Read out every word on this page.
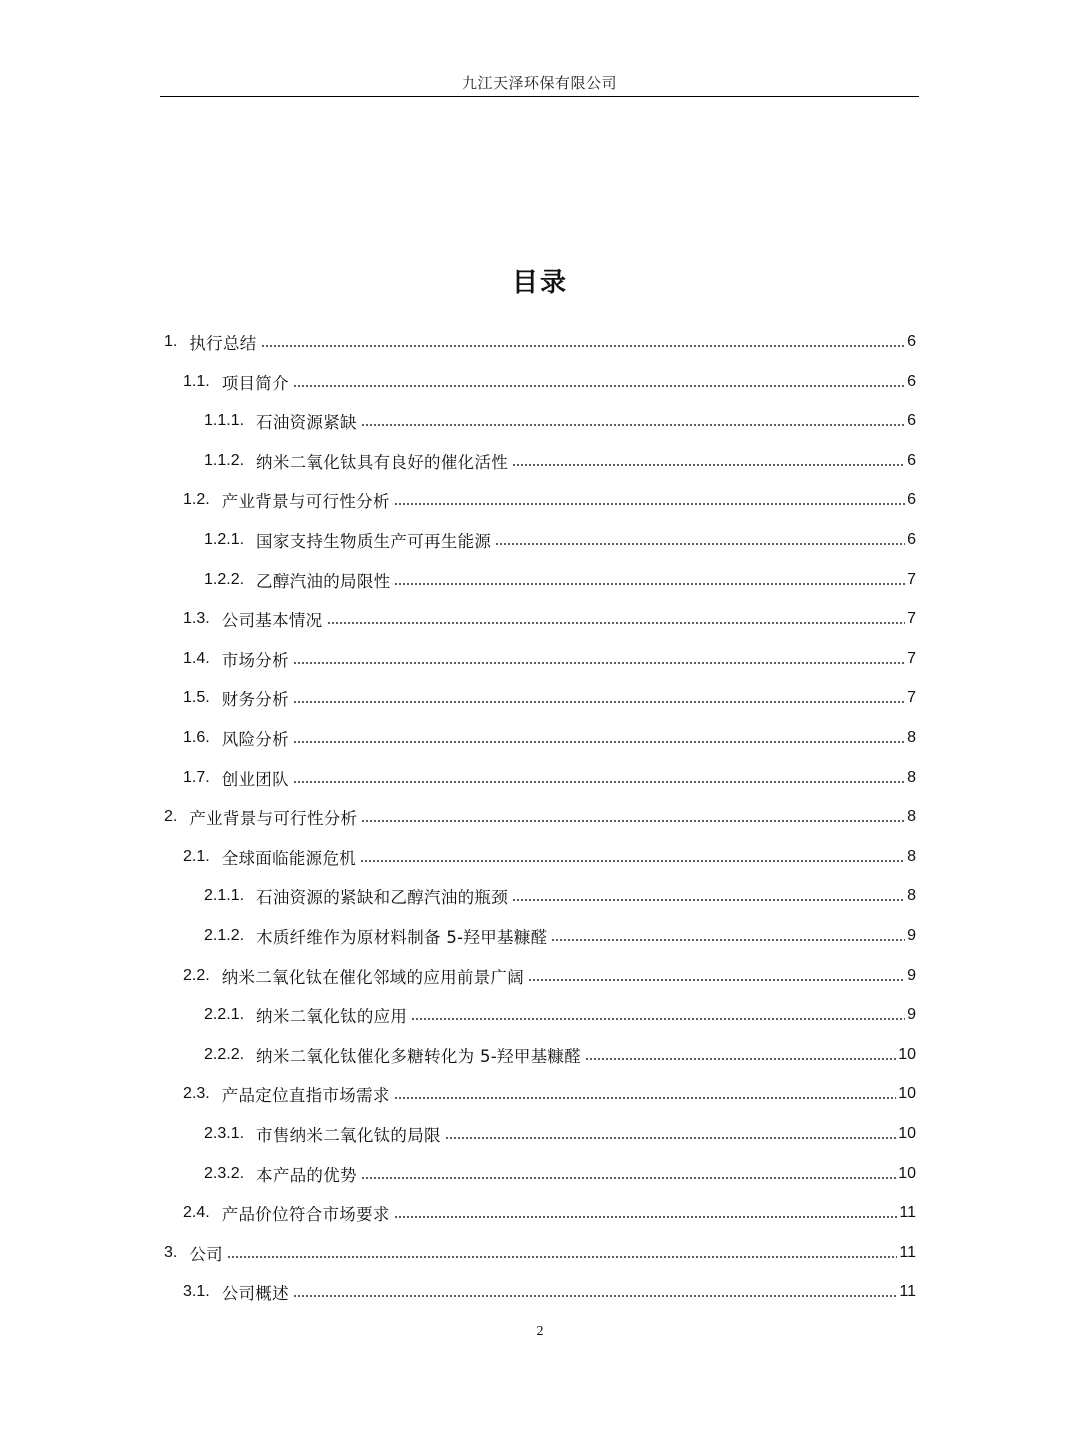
九江天泽环保有限公司
目录
1. 执行总结	6
1.1. 项目简介	6
1.1.1. 石油资源紧缺	6
1.1.2. 纳米二氧化钛具有良好的催化活性	6
1.2. 产业背景与可行性分析	6
1.2.1. 国家支持生物质生产可再生能源	6
1.2.2. 乙醇汽油的局限性	7
1.3. 公司基本情况	7
1.4. 市场分析	7
1.5. 财务分析	7
1.6. 风险分析	8
1.7. 创业团队	8
2. 产业背景与可行性分析	8
2.1. 全球面临能源危机	8
2.1.1. 石油资源的紧缺和乙醇汽油的瓶颈	8
2.1.2. 木质纤维作为原材料制备 5-羟甲基糠醛	9
2.2. 纳米二氧化钛在催化邻域的应用前景广阔	9
2.2.1. 纳米二氧化钛的应用	9
2.2.2. 纳米二氧化钛催化多糖转化为 5-羟甲基糠醛	10
2.3. 产品定位直指市场需求	10
2.3.1. 市售纳米二氧化钛的局限	10
2.3.2. 本产品的优势	10
2.4. 产品价位符合市场要求	11
3. 公司	11
3.1. 公司概述	11
2
